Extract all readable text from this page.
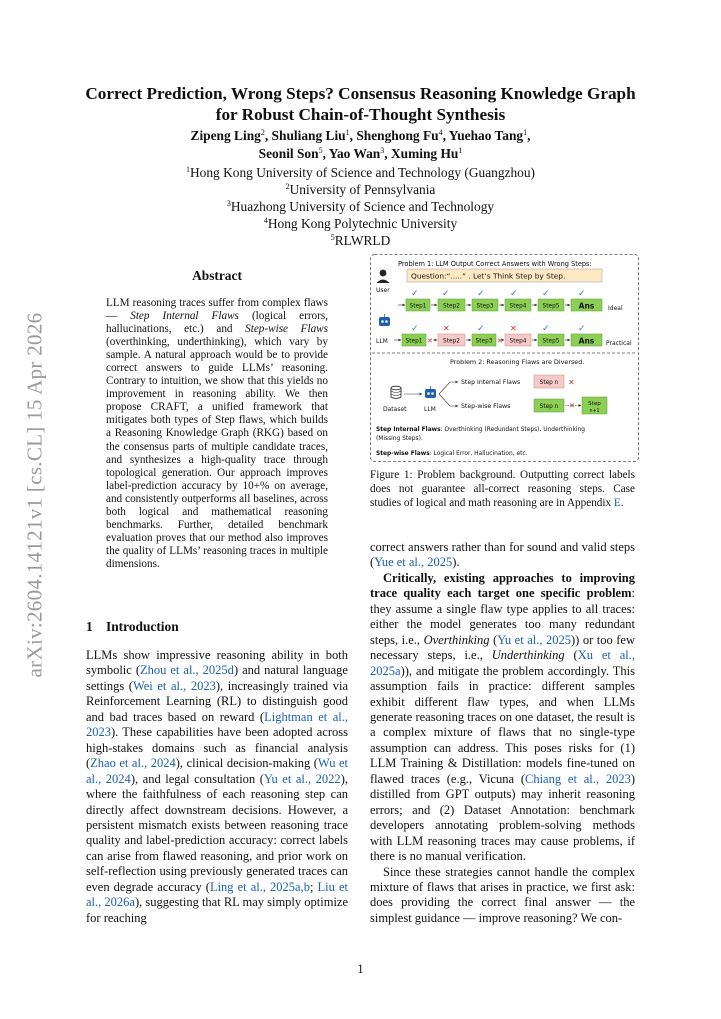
arXiv:2604.14121v1 [cs.CL] 15 Apr 2026
Correct Prediction, Wrong Steps? Consensus Reasoning Knowledge Graph
for Robust Chain-of-Thought Synthesis
Zipeng Ling$^2$, Shuliang Liu$^1$, Shenghong Fu$^4$, Yuehao Tang$^1$,
Seonil Son$^5$, Yao Wan$^3$, Xuming Hu$^1$
$^1$Hong Kong University of Science and Technology (Guangzhou)
$^2$University of Pennsylvania
$^3$Huazhong University of Science and Technology
$^4$Hong Kong Polytechnic University
$^5$RLWRLD
Abstract

LLM reasoning traces suffer from complex flaws — Step Internal Flaws (logical errors, hallucinations, etc.) and Step-wise Flaws (overthinking, underthinking), which vary by sample. A natural approach would be to provide correct answers to guide LLMs’ reasoning. Contrary to intuition, we show that this yields no improvement in reasoning ability. We then propose CRAFT, a unified framework that mitigates both types of Step flaws, which builds a Reasoning Knowledge Graph (RKG) based on the consensus parts of multiple candidate traces, and synthesizes a high-quality trace through topological generation. Our approach improves label-prediction accuracy by 10+% on average, and consistently outperforms all baselines, across both logical and mathematical reasoning benchmarks. Further, detailed benchmark evaluation proves that our method also improves the quality of LLMs’ reasoning traces in multiple dimensions.

1 Introduction

LLMs show impressive reasoning ability in both symbolic (Zhou et al., 2025d) and natural language settings (Wei et al., 2023), increasingly trained via Reinforcement Learning (RL) to distinguish good and bad traces based on reward (Lightman et al., 2023). These capabilities have been adopted across high-stakes domains such as financial analysis (Zhao et al., 2024), clinical decision-making (Wu et al., 2024), and legal consultation (Yu et al., 2022), where the faithfulness of each reasoning step can directly affect downstream decisions. However, a persistent mismatch exists between reasoning trace quality and label-prediction accuracy: correct labels can arise from flawed reasoning, and prior work on self-reflection using previously generated traces can even degrade accuracy (Ling et al., 2025a,b; Liu et al., 2026a), suggesting that RL may simply optimize for reaching

Problem 1: LLM Output Correct Answers with Wrong Steps:
User
Question:“.....” . Let’s Think Step by Step.
✓	✓	✓	✓	✓	✓
Step1	Step2	Step3	Step4	Step5	Ans Ideal
✓	✕	✓	✕	✓	✓
LLM	Step1 ✕ Step2	Step3 ✕ Step4	Step5	Ans Practical
Problem 2: Reasoning Flaws are Diversed.
Dataset	LLM
Step Internal Flaws
Step-wise Flaws
Step n ✕
Step n ✕ Step
n+1
Step Internal Flaws: Overthinking (Redundant Steps), Underthinking
(Missing Steps).
Step-wise Flaws: Logical Error, Hallucination, etc.

Figure 1: Problem background. Outputting correct labels does not guarantee all-correct reasoning steps. Case studies of logical and math reasoning are in Appendix E.

correct answers rather than for sound and valid steps (Yue et al., 2025).

Critically, existing approaches to improving trace quality each target one specific problem: they assume a single flaw type applies to all traces: either the model generates too many redundant steps, i.e., Overthinking (Yu et al., 2025)) or too few necessary steps, i.e., Underthinking (Xu et al., 2025a)), and mitigate the problem accordingly. This assumption fails in practice: different samples exhibit different flaw types, and when LLMs generate reasoning traces on one dataset, the result is a complex mixture of flaws that no single-type assumption can address. This poses risks for (1) LLM Training & Distillation: models fine-tuned on flawed traces (e.g., Vicuna (Chiang et al., 2023) distilled from GPT outputs) may inherit reasoning errors; and (2) Dataset Annotation: benchmark developers annotating problem-solving methods with LLM reasoning traces may cause problems, if there is no manual verification.

Since these strategies cannot handle the complex mixture of flaws that arises in practice, we first ask: does providing the correct final answer — the simplest guidance — improve reasoning? We con-

1
